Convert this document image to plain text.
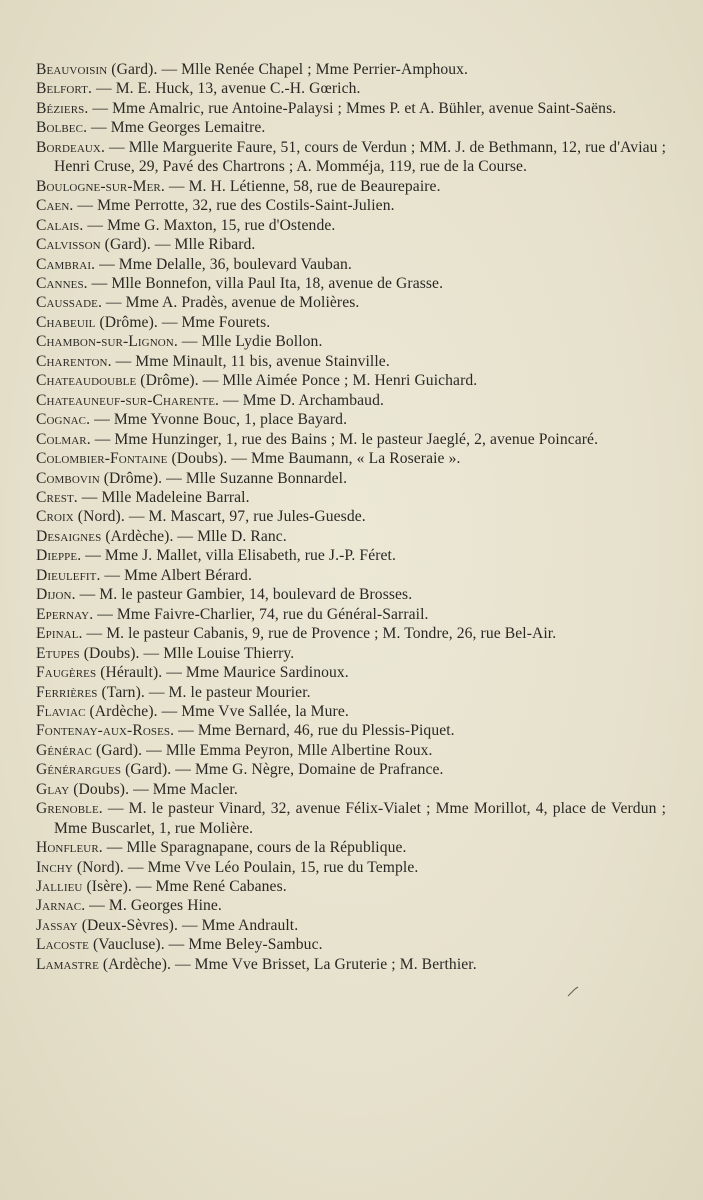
Beauvoisin (Gard). — Mlle Renée Chapel ; Mme Perrier-Amphoux.

Belfort. — M. E. Huck, 13, avenue C.-H. Gœrich.

Béziers. — Mme Amalric, rue Antoine-Palaysi ; Mmes P. et A. Bühler, avenue Saint-Saëns.

Bolbec. — Mme Georges Lemaitre.

Bordeaux. — Mlle Marguerite Faure, 51, cours de Verdun ; MM. J. de Bethmann, 12, rue d'Aviau ; Henri Cruse, 29, Pavé des Chartrons ; A. Momméja, 119, rue de la Course.

Boulogne-sur-Mer. — M. H. Létienne, 58, rue de Beaurepaire.

Caen. — Mme Perrotte, 32, rue des Costils-Saint-Julien.

Calais. — Mme G. Maxton, 15, rue d'Ostende.

Calvisson (Gard). — Mlle Ribard.

Cambrai. — Mme Delalle, 36, boulevard Vauban.

Cannes. — Mlle Bonnefon, villa Paul Ita, 18, avenue de Grasse.

Caussade. — Mme A. Pradès, avenue de Molières.

Chabeuil (Drôme). — Mme Fourets.

Chambon-sur-Lignon. — Mlle Lydie Bollon.

Charenton. — Mme Minault, 11 bis, avenue Stainville.

Chateaudouble (Drôme). — Mlle Aimée Ponce ; M. Henri Guichard.

Chateauneuf-sur-Charente. — Mme D. Archambaud.

Cognac. — Mme Yvonne Bouc, 1, place Bayard.

Colmar. — Mme Hunzinger, 1, rue des Bains ; M. le pasteur Jaeglé, 2, avenue Poincaré.

Colombier-Fontaine (Doubs). — Mme Baumann, « La Roseraie ».

Combovin (Drôme). — Mlle Suzanne Bonnardel.

Crest. — Mlle Madeleine Barral.

Croix (Nord). — M. Mascart, 97, rue Jules-Guesde.

Desaignes (Ardèche). — Mlle D. Ranc.

Dieppe. — Mme J. Mallet, villa Elisabeth, rue J.-P. Féret.

Dieulefit. — Mme Albert Bérard.

Dijon. — M. le pasteur Gambier, 14, boulevard de Brosses.

Epernay. — Mme Faivre-Charlier, 74, rue du Général-Sarrail.

Epinal. — M. le pasteur Cabanis, 9, rue de Provence ; M. Tondre, 26, rue Bel-Air.

Etupes (Doubs). — Mlle Louise Thierry.

Faugères (Hérault). — Mme Maurice Sardinoux.

Ferrières (Tarn). — M. le pasteur Mourier.

Flaviac (Ardèche). — Mme Vve Sallée, la Mure.

Fontenay-aux-Roses. — Mme Bernard, 46, rue du Plessis-Piquet.

Générac (Gard). — Mlle Emma Peyron, Mlle Albertine Roux.

Générargues (Gard). — Mme G. Nègre, Domaine de Prafrance.

Glay (Doubs). — Mme Macler.

Grenoble. — M. le pasteur Vinard, 32, avenue Félix-Vialet ; Mme Morillot, 4, place de Verdun ; Mme Buscarlet, 1, rue Molière.

Honfleur. — Mlle Sparagnapane, cours de la République.

Inchy (Nord). — Mme Vve Léo Poulain, 15, rue du Temple.

Jallieu (Isère). — Mme René Cabanes.

Jarnac. — M. Georges Hine.

Jassay (Deux-Sèvres). — Mme Andrault.

Lacoste (Vaucluse). — Mme Beley-Sambuc.

Lamastre (Ardèche). — Mme Vve Brisset, La Gruterie ; M. Berthier.
